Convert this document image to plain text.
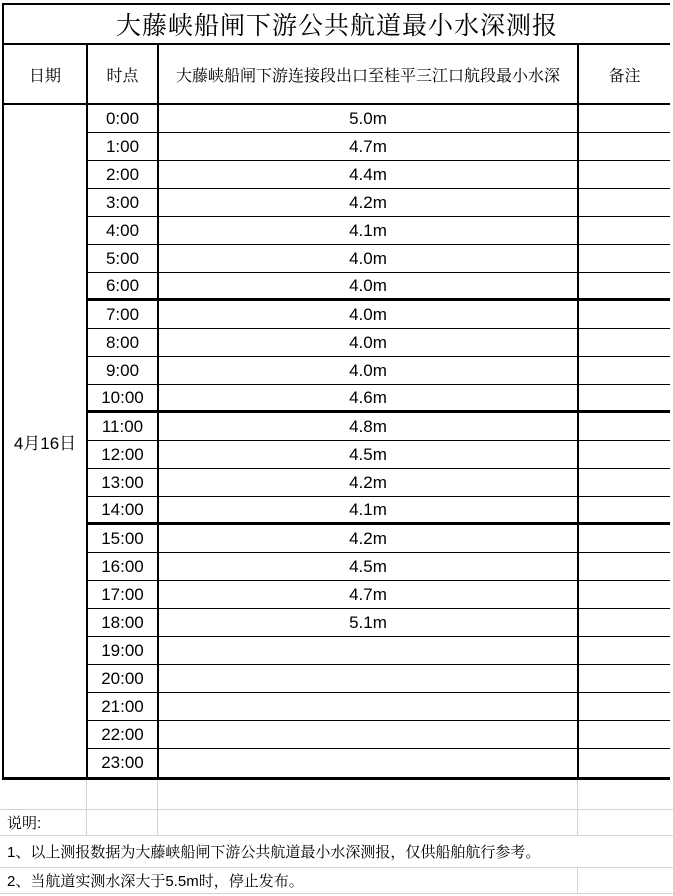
大藤峡船闸下游公共航道最小水深测报
日期	时点	大藤峡船闸下游连接段出口至桂平三江口航段最小水深	备注
4月16日
0:00	5.0m
1:00	4.7m
2:00	4.4m
3:00	4.2m
4:00	4.1m
5:00	4.0m
6:00	4.0m
7:00	4.0m
8:00	4.0m
9:00	4.0m
10:00	4.6m
11:00	4.8m
12:00	4.5m
13:00	4.2m
14:00	4.1m
15:00	4.2m
16:00	4.5m
17:00	4.7m
18:00	5.1m
19:00
20:00
21:00
22:00
23:00
说明:
1、以上测报数据为大藤峡船闸下游公共航道最小水深测报，仅供船舶航行参考。
2、当航道实测水深大于5.5m时，停止发布。
